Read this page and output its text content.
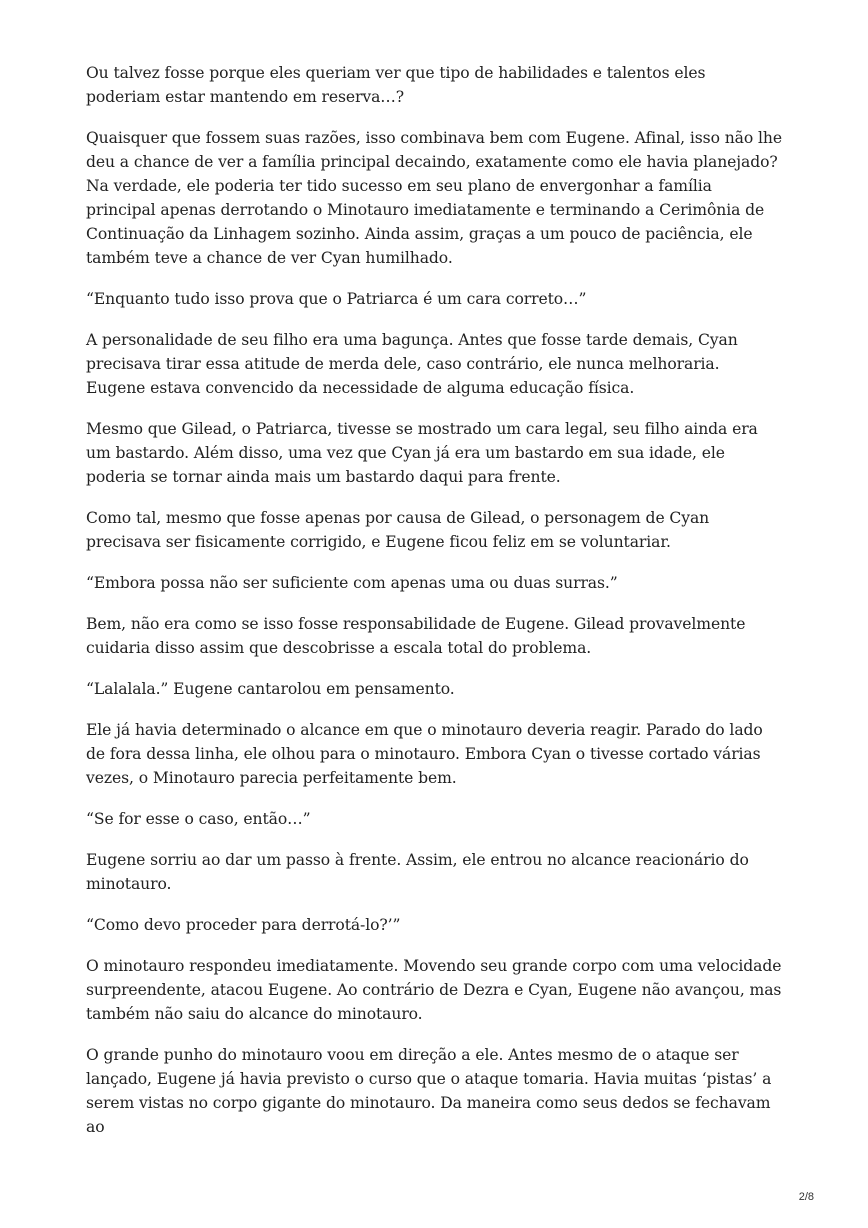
Ou talvez fosse porque eles queriam ver que tipo de habilidades e talentos eles poderiam estar mantendo em reserva…?

Quaisquer que fossem suas razões, isso combinava bem com Eugene. Afinal, isso não lhe deu a chance de ver a família principal decaindo, exatamente como ele havia planejado? Na verdade, ele poderia ter tido sucesso em seu plano de envergonhar a família principal apenas derrotando o Minotauro imediatamente e terminando a Cerimônia de Continuação da Linhagem sozinho. Ainda assim, graças a um pouco de paciência, ele também teve a chance de ver Cyan humilhado.

“Enquanto tudo isso prova que o Patriarca é um cara correto…”

A personalidade de seu filho era uma bagunça. Antes que fosse tarde demais, Cyan precisava tirar essa atitude de merda dele, caso contrário, ele nunca melhoraria. Eugene estava convencido da necessidade de alguma educação física.

Mesmo que Gilead, o Patriarca, tivesse se mostrado um cara legal, seu filho ainda era um bastardo. Além disso, uma vez que Cyan já era um bastardo em sua idade, ele poderia se tornar ainda mais um bastardo daqui para frente.

Como tal, mesmo que fosse apenas por causa de Gilead, o personagem de Cyan precisava ser fisicamente corrigido, e Eugene ficou feliz em se voluntariar.

“Embora possa não ser suficiente com apenas uma ou duas surras.”

Bem, não era como se isso fosse responsabilidade de Eugene. Gilead provavelmente cuidaria disso assim que descobrisse a escala total do problema.

“Lalalala.” Eugene cantarolou em pensamento.

Ele já havia determinado o alcance em que o minotauro deveria reagir. Parado do lado de fora dessa linha, ele olhou para o minotauro. Embora Cyan o tivesse cortado várias vezes, o Minotauro parecia perfeitamente bem.

“Se for esse o caso, então…”

Eugene sorriu ao dar um passo à frente. Assim, ele entrou no alcance reacionário do minotauro.

“Como devo proceder para derrotá-lo?’”

O minotauro respondeu imediatamente. Movendo seu grande corpo com uma velocidade surpreendente, atacou Eugene. Ao contrário de Dezra e Cyan, Eugene não avançou, mas também não saiu do alcance do minotauro.

O grande punho do minotauro voou em direção a ele. Antes mesmo de o ataque ser lançado, Eugene já havia previsto o curso que o ataque tomaria. Havia muitas ‘pistas’ a serem vistas no corpo gigante do minotauro. Da maneira como seus dedos se fechavam ao

2/8
